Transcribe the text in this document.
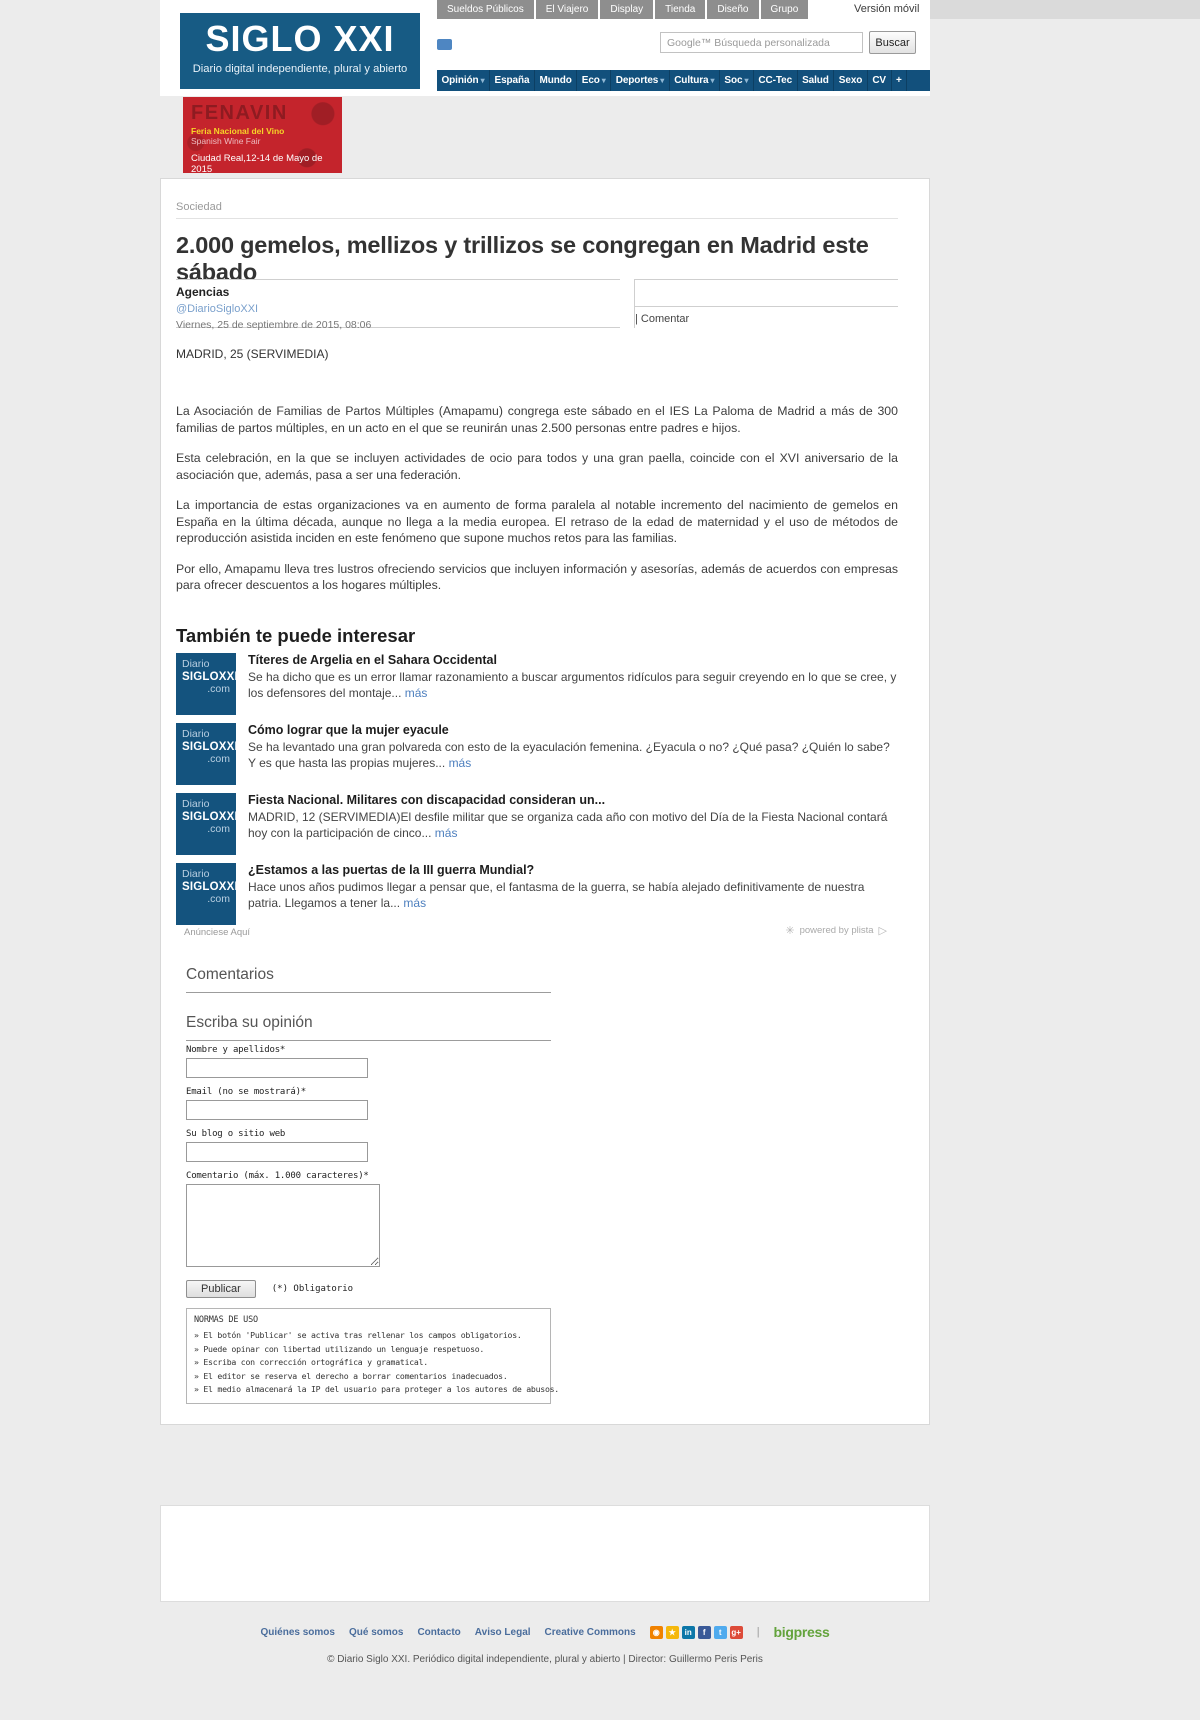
Sueldos Públicos	El Viajero	Display	Tienda	Diseño	Grupo	Versión móvil
SIGLO XXI
Diario digital independiente, plural y abierto
Google™ Búsqueda personalizada
Buscar
Opinión ▾	España	Mundo	Eco ▾	Deportes ▾	Cultura ▾	Soc ▾	CC-Tec	Salud	Sexo	CV	+
FENAVIN
Feria Nacional del Vino
Spanish Wine Fair
Ciudad Real,12-14 de Mayo de 2015
Sociedad
2.000 gemelos, mellizos y trillizos se congregan en Madrid este sábado
Agencias
@DiarioSigloXXI
Viernes, 25 de septiembre de 2015, 08:06	| Comentar
MADRID, 25 (SERVIMEDIA)

La Asociación de Familias de Partos Múltiples (Amapamu) congrega este sábado en el IES La Paloma de Madrid a más de 300 familias de partos múltiples, en un acto en el que se reunirán unas 2.500 personas entre padres e hijos.

Esta celebración, en la que se incluyen actividades de ocio para todos y una gran paella, coincide con el XVI aniversario de la asociación que, además, pasa a ser una federación.

La importancia de estas organizaciones va en aumento de forma paralela al notable incremento del nacimiento de gemelos en España en la última década, aunque no llega a la media europea. El retraso de la edad de maternidad y el uso de métodos de reproducción asistida inciden en este fenómeno que supone muchos retos para las familias.

Por ello, Amapamu lleva tres lustros ofreciendo servicios que incluyen información y asesorías, además de acuerdos con empresas para ofrecer descuentos a los hogares múltiples.

También te puede interesar
Diario
SIGLOXXI
.com
Títeres de Argelia en el Sahara Occidental

Se ha dicho que es un error llamar razonamiento a buscar argumentos ridículos para seguir creyendo en lo que se cree, y los defensores del montaje... más

Diario
SIGLOXXI
.com
Cómo lograr que la mujer eyacule

Se ha levantado una gran polvareda con esto de la eyaculación femenina. ¿Eyacula o no? ¿Qué pasa? ¿Quién lo sabe? Y es que hasta las propias mujeres... más

Diario
SIGLOXXI
.com
Fiesta Nacional. Militares con discapacidad consideran un...

MADRID, 12 (SERVIMEDIA)El desfile militar que se organiza cada año con motivo del Día de la Fiesta Nacional contará hoy con la participación de cinco... más

Diario
SIGLOXXI
.com
¿Estamos a las puertas de la III guerra Mundial?

Hace unos años pudimos llegar a pensar que, el fantasma de la guerra, se había alejado definitivamente de nuestra patria. Llegamos a tener la... más

Anúnciese Aquí	✳ powered by plista ▷
Comentarios
Escriba su opinión
Nombre y apellidos*
Email (no se mostrará)*
Su blog o sitio web
Comentario (máx. 1.000 caracteres)*
Publicar	(*) Obligatorio
NORMAS DE USO
» El botón 'Publicar' se activa tras rellenar los campos obligatorios.
» Puede opinar con libertad utilizando un lenguaje respetuoso.
» Escriba con corrección ortográfica y gramatical.
» El editor se reserva el derecho a borrar comentarios inadecuados.
» El medio almacenará la IP del usuario para proteger a los autores de abusos.
Quiénes somos Qué somos Contacto Aviso Legal Creative Commons	◉	★	in	f	t	g+ | bigpress
© Diario Siglo XXI. Periódico digital independiente, plural y abierto | Director: Guillermo Peris Peris
